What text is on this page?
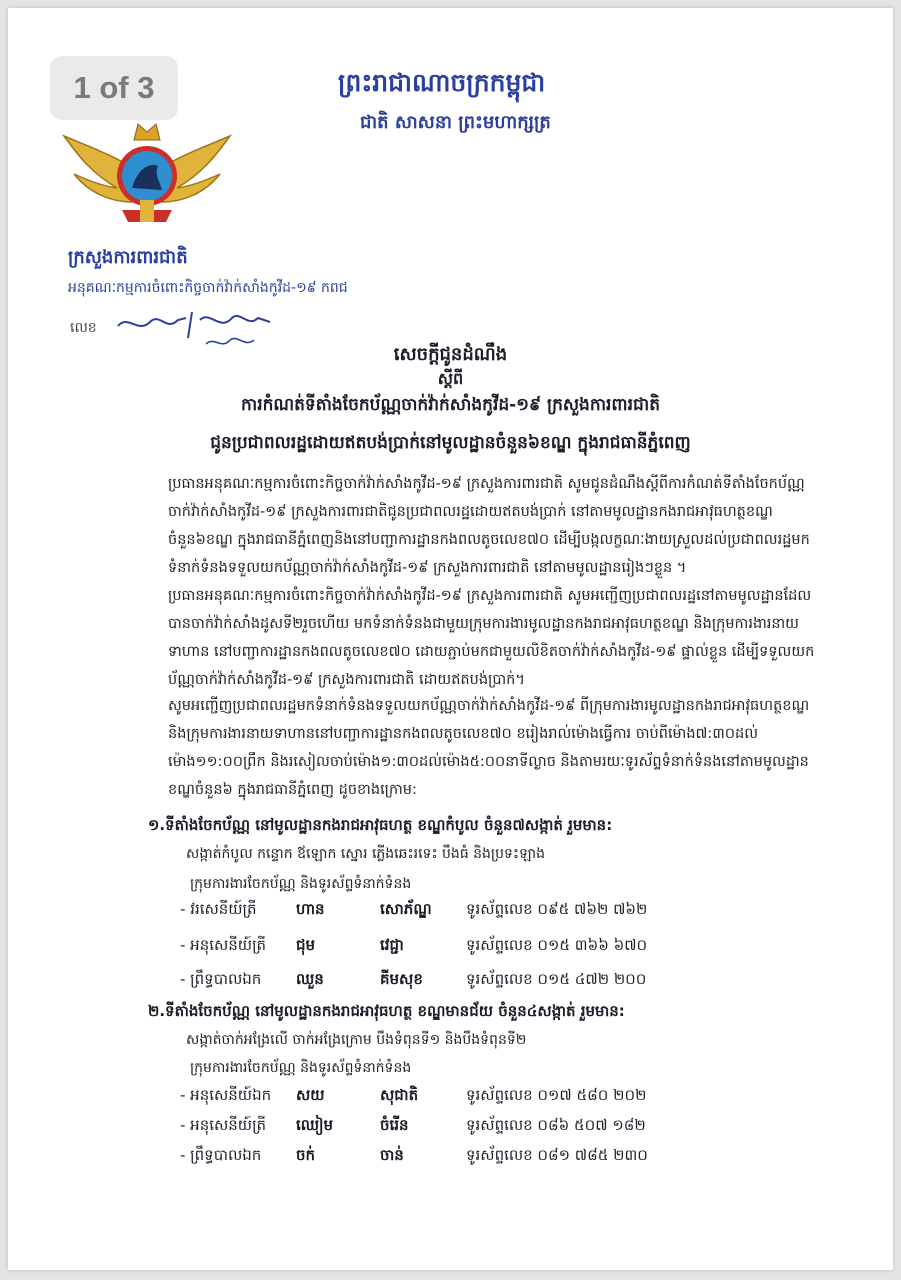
ព្រះរាជាណាចក្រកម្ពុជា
ជាតិ សាសនា ព្រះមហាក្សត្រ
ក្រសួងការពារជាតិ
អនុគណៈកម្មការចំពោះកិច្ចចាក់វ៉ាក់សាំងកូវីដ-១៩ កពជ
លេខ
សេចក្តីជូនដំណឹង
ស្តីពី
ការកំណត់ទីតាំងចែកប័ណ្ណចាក់វ៉ាក់សាំងកូវីដ-១៩ ក្រសួងការពារជាតិ
ជូនប្រជាពលរដ្ឋដោយឥតបង់ប្រាក់នៅមូលដ្ឋានចំនួន៦ខណ្ឌ ក្នុងរាជធានីភ្នំពេញ
ប្រធានអនុគណៈកម្មការចំពោះកិច្ចចាក់វ៉ាក់សាំងកូវីដ-១៩ ក្រសួងការពារជាតិ សូមជូនដំណឹងស្តីពីការកំណត់ទីតាំងចែកប័ណ្ណចាក់វ៉ាក់សាំងកូវីដ-១៩ ក្រសួងការពារជាតិជូនប្រជាពលរដ្ឋដោយឥតបង់ប្រាក់ នៅតាមមូលដ្ឋានកងរាជអាវុធហត្ថខណ្ឌ ចំនួន៦ខណ្ឌ ក្នុងរាជធានីភ្នំពេញនិងនៅបញ្ជាការដ្ឋានកងពលតូចលេខ៧០ ដើម្បីបង្កលក្ខណៈងាយស្រួលដល់ប្រជាពលរដ្ឋមកទំនាក់ទំនងទទួលយកប័ណ្ណចាក់វ៉ាក់សាំងកូវីដ-១៩ ក្រសួងការពារជាតិ នៅតាមមូលដ្ឋានរៀងៗខ្លួន ។
ប្រធានអនុគណៈកម្មការចំពោះកិច្ចចាក់វ៉ាក់សាំងកូវីដ-១៩ ក្រសួងការពារជាតិ សូមអញ្ជើញប្រជាពលរដ្ឋនៅតាមមូលដ្ឋានដែលបានចាក់វ៉ាក់សាំងដូសទី២រួចហើយ មកទំនាក់ទំនងជាមួយក្រុមការងារមូលដ្ឋានកងរាជអាវុធហត្ថខណ្ឌ និងក្រុមការងារនាយទាហាន នៅបញ្ជាការដ្ឋានកងពលតូចលេខ៧០ ដោយភ្ជាប់មកជាមួយលិខិតចាក់វ៉ាក់សាំងកូវីដ-១៩ ផ្ទាល់ខ្លួន ដើម្បីទទួលយកប័ណ្ណចាក់វ៉ាក់សាំងកូវីដ-១៩ ក្រសួងការពារជាតិ ដោយឥតបង់ប្រាក់។
សូមអញ្ជើញប្រជាពលរដ្ឋមកទំនាក់ទំនងទទួលយកប័ណ្ណចាក់វ៉ាក់សាំងកូវីដ-១៩ ពីក្រុមការងារមូលដ្ឋានកងរាជអាវុធហត្ថខណ្ឌ និងក្រុមការងារនាយទាហាននៅបញ្ជាការដ្ឋានកងពលតូចលេខ៧០ ខរៀងរាល់ម៉ោងធ្វើការ ចាប់ពីម៉ោង៧:៣០ដល់ម៉ោង១១:០០ព្រឹក និងរសៀលចាប់ម៉ោង១:៣០ដល់ម៉ោង៥:០០នាទីល្ងាច និងតាមរយៈទូរស័ព្ទទំនាក់ទំនងនៅតាមមូលដ្ឋានខណ្ឌចំនួន៦ ក្នុងរាជធានីភ្នំពេញ ដូចខាងក្រោម:
១.ទីតាំងចែកប័ណ្ណ នៅមូលដ្ឋានកងរាជអាវុធហត្ថ ខណ្ឌកំបូល ចំនួន៧សង្កាត់ រួមមាន:
សង្កាត់កំបូល កន្ទោក ឪឡោក ស្នោរ ភ្លើងឆេះរទេះ បឹងធំ និងប្រទះឡាង
ក្រុមការងារចែកប័ណ្ណ និងទូរស័ព្ទទំនាក់ទំនង
- វរសេនីយ៍ត្រី	ហាន	សោភ័ណ្ឌ ទូរស័ព្ទលេខ ០៩៥ ៧៦២ ៧៦២
- អនុសេនីយ៍ត្រី ជុម	វេជ្ជា	ទូរស័ព្ទលេខ ០១៥ ៣៦៦ ៦៧០
- ព្រឹទ្ធបាលឯក ឈួន	គីមសុខ	ទូរស័ព្ទលេខ ០១៥ ៤៧២ ២០០
២.ទីតាំងចែកប័ណ្ណ នៅមូលដ្ឋានកងរាជអាវុធហត្ថ ខណ្ឌមានជ័យ ចំនួន៤សង្កាត់ រួមមាន:
សង្កាត់ចាក់អង្រែលើ ចាក់អង្រែក្រោម បឹងទំពុនទី១ និងបឹងទំពុនទី២
ក្រុមការងារចែកប័ណ្ណ និងទូរស័ព្ទទំនាក់ទំនង
- អនុសេនីយ៍ឯក សយ	សុជាតិ	ទូរស័ព្ទលេខ ០១៧ ៥៨០ ២០២
- អនុសេនីយ៍ត្រី ឈៀម	ចំរើន	ទូរស័ព្ទលេខ ០៨៦ ៥០៧ ១៨២
- ព្រឹទ្ធបាលឯក ចក់	ចាន់	ទូរស័ព្ទលេខ ០៨១ ៧៨៥ ២៣០
1 of 3
